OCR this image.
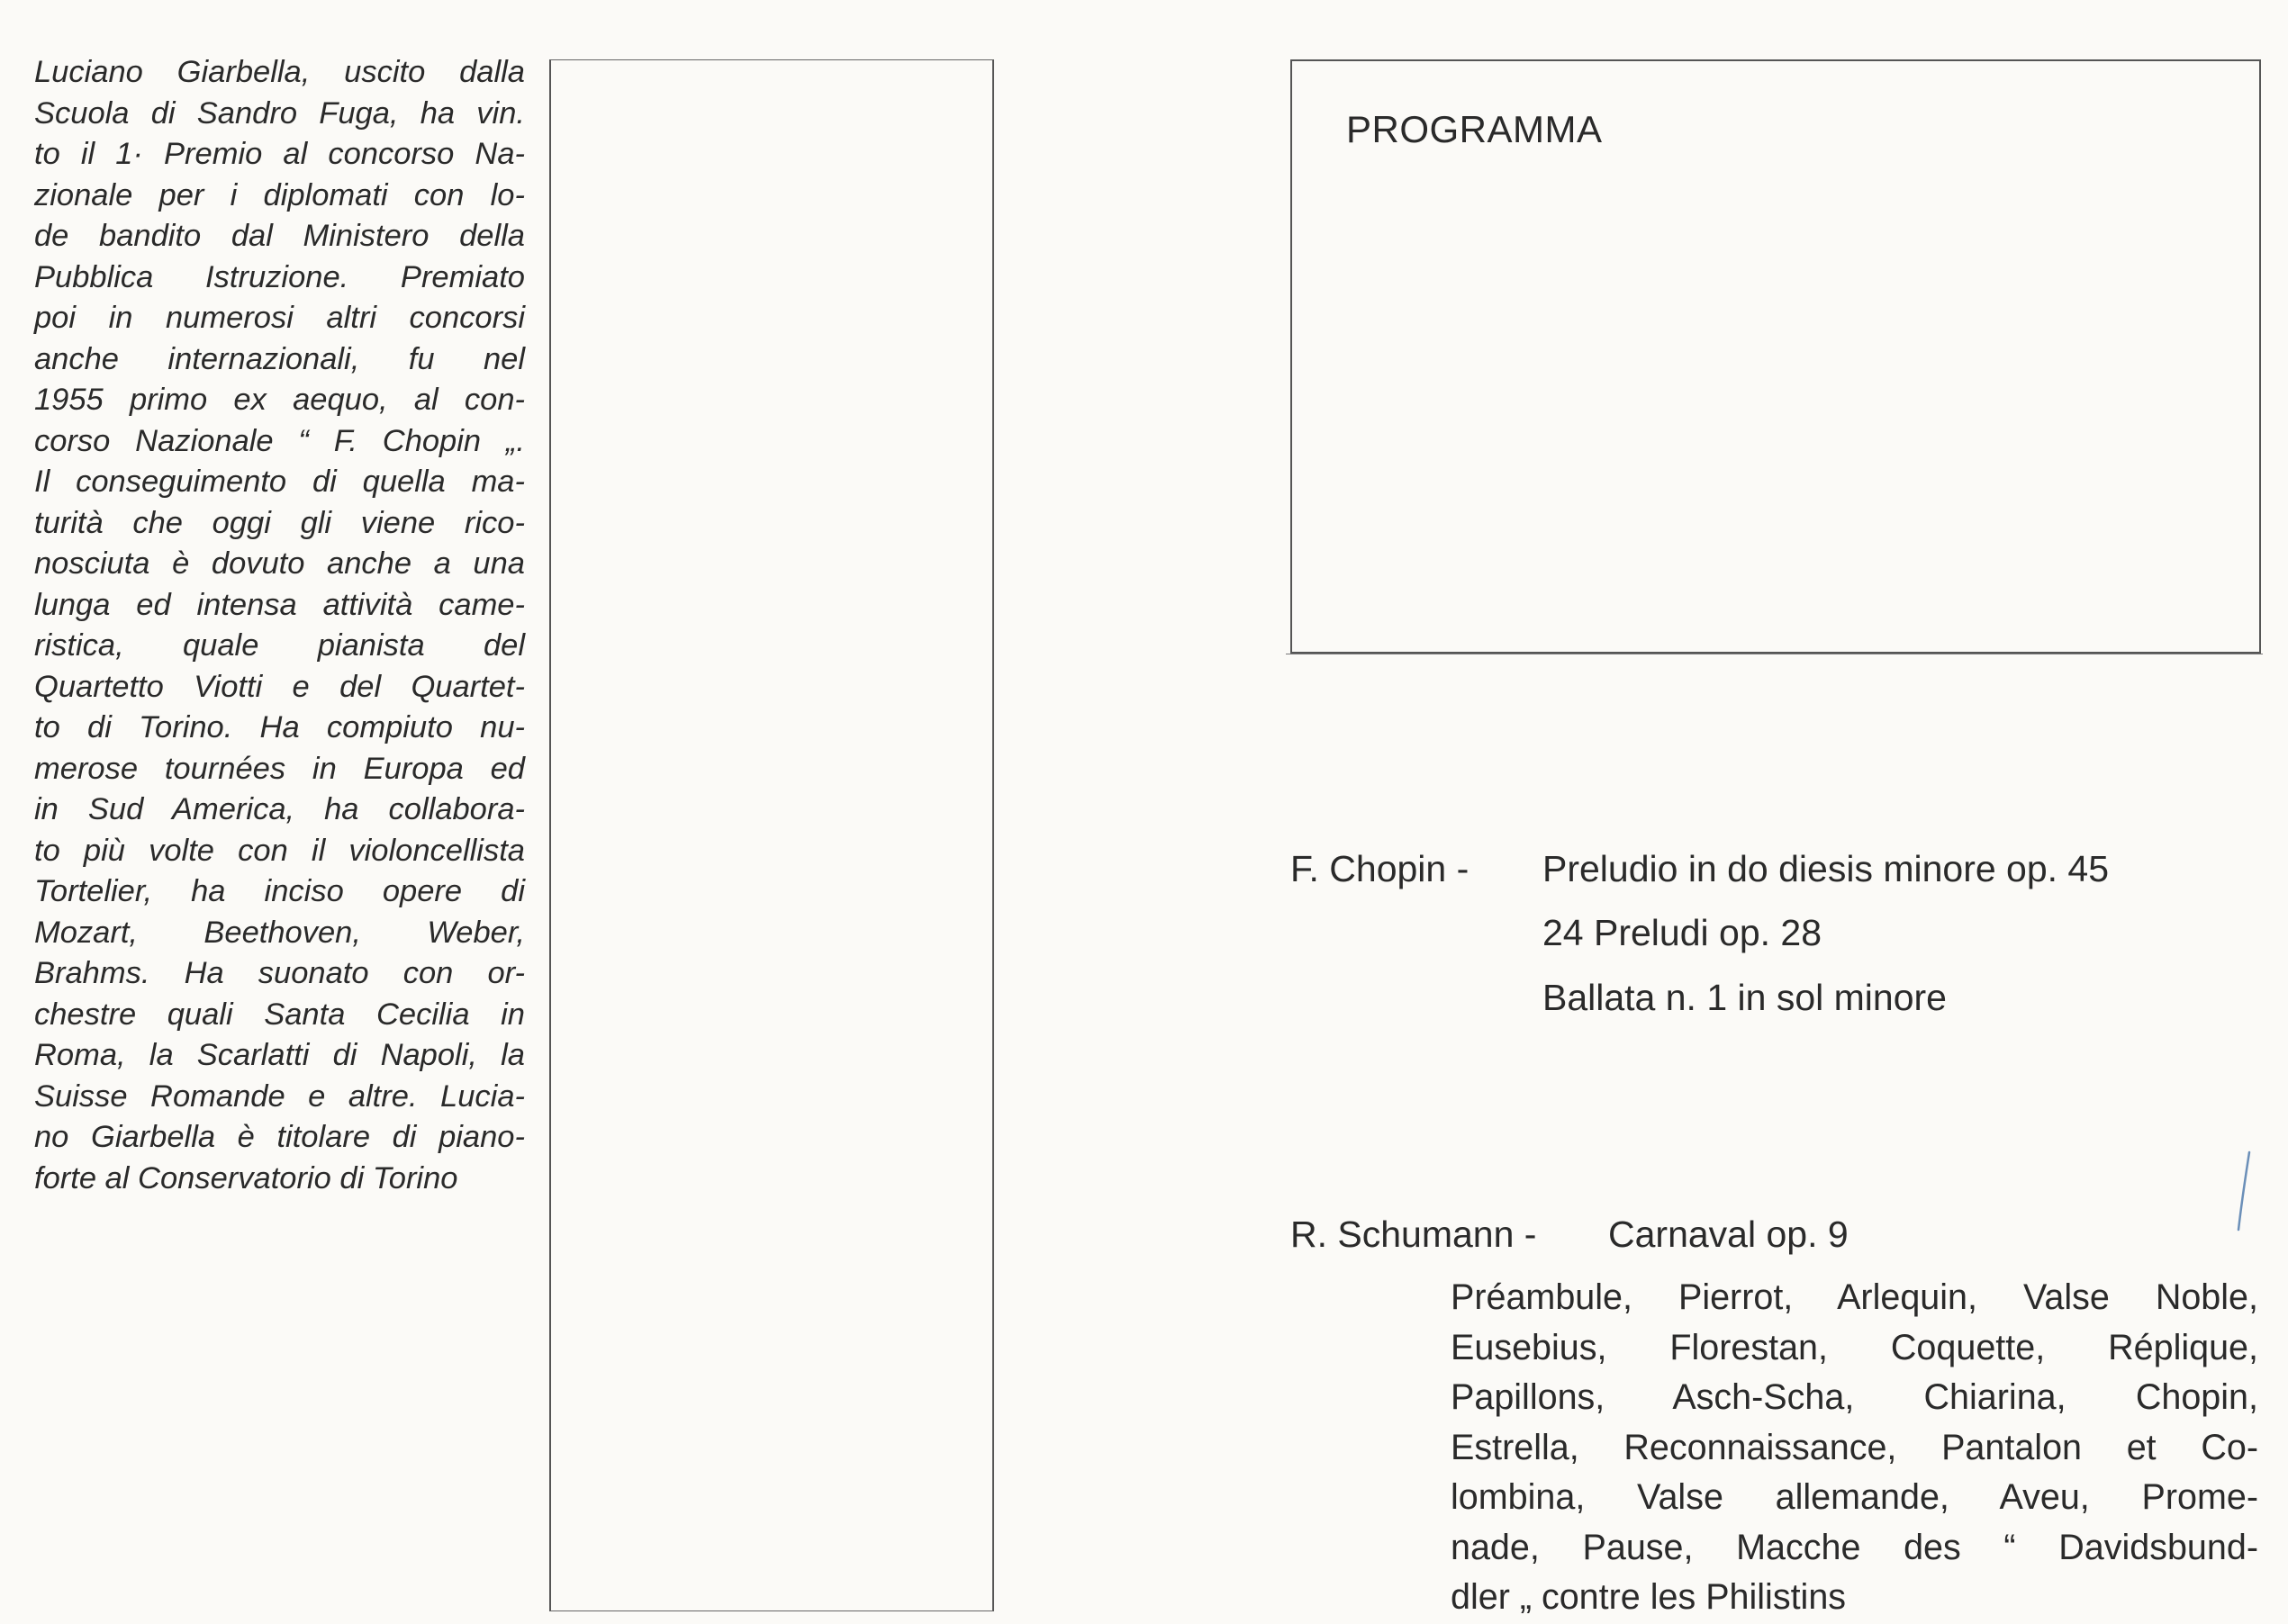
Luciano Giarbella, uscito dalla
Scuola di Sandro Fuga, ha vin.
to il 1· Premio al concorso Na-
zionale per i diplomati con lo-
de bandito dal Ministero della
Pubblica Istruzione. Premiato
poi in numerosi altri concorsi
anche internazionali, fu nel
1955 primo ex aequo, al con-
corso Nazionale “ F. Chopin „.
Il conseguimento di quella ma-
turità che oggi gli viene rico-
nosciuta è dovuto anche a una
lunga ed intensa attività came-
ristica, quale pianista del
Quartetto Viotti e del Quartet-
to di Torino. Ha compiuto nu-
merose tournées in Europa ed
in Sud America, ha collabora-
to più volte con il violoncellista
Tortelier, ha inciso opere di
Mozart, Beethoven, Weber,
Brahms. Ha suonato con or-
chestre quali Santa Cecilia in
Roma, la Scarlatti di Napoli, la
Suisse Romande e altre. Lucia-
no Giarbella è titolare di piano-
forte al Conservatorio di Torino
PROGRAMMA
F. Chopin - Preludio in do diesis minore op. 45
24 Preludi op. 28
Ballata n. 1 in sol minore
R. Schumann - Carnaval op. 9
Préambule, Pierrot, Arlequin, Valse Noble,
Eusebius, Florestan, Coquette, Réplique,
Papillons, Asch-Scha, Chiarina, Chopin,
Estrella, Reconnaissance, Pantalon et Co-
lombina, Valse allemande, Aveu, Prome-
nade, Pause, Macche des “ Davidsbund-
dler „ contre les Philistins
